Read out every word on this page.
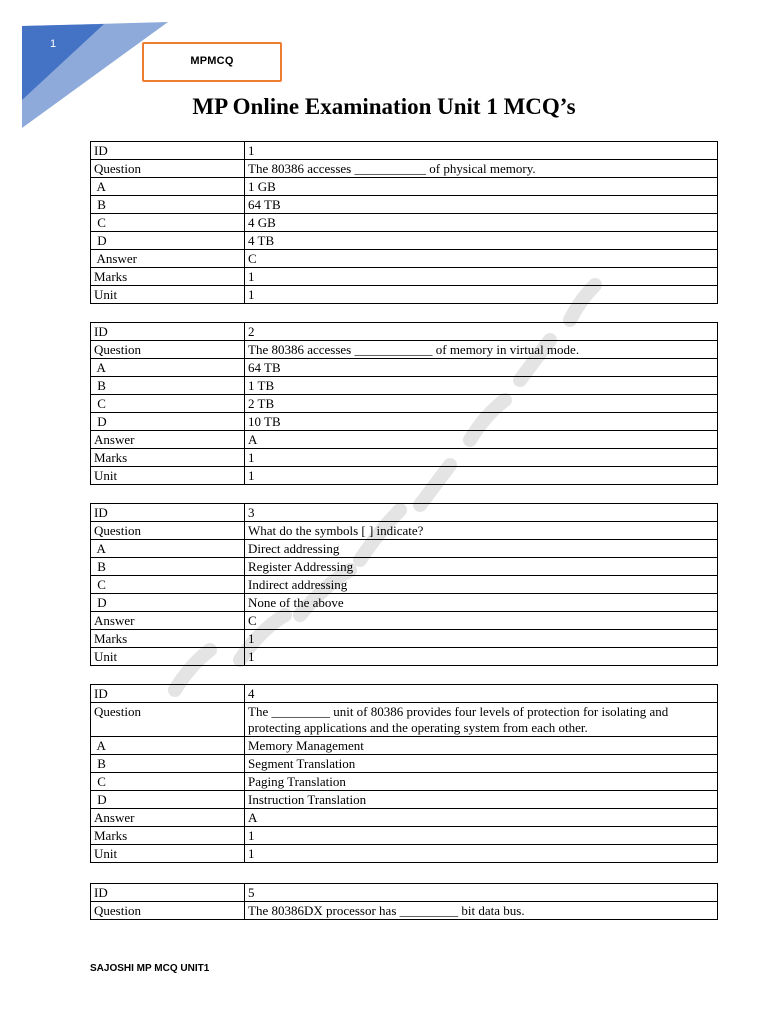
1
MPMCQ
MP Online Examination Unit 1 MCQ’s
ID	1
Question	The 80386 accesses ___________ of physical memory.
A	1 GB
B	64 TB
C	4 GB
D	4 TB
Answer	C
Marks	1
Unit	1
ID	2
Question	The 80386 accesses ____________ of memory in virtual mode.
A	64 TB
B	1 TB
C	2 TB
D	10 TB
Answer	A
Marks	1
Unit	1
ID	3
Question	What do the symbols [ ] indicate?
A	Direct addressing
B	Register Addressing
C	Indirect addressing
D	None of the above
Answer	C
Marks	1
Unit	1
ID	4
Question	The _________ unit of 80386 provides four levels of protection for isolating and protecting applications and the operating system from each other.
A	Memory Management
B	Segment Translation
C	Paging Translation
D	Instruction Translation
Answer	A
Marks	1
Unit	1
ID	5
Question	The 80386DX processor has _________ bit data bus.
SAJOSHI MP MCQ UNIT1
